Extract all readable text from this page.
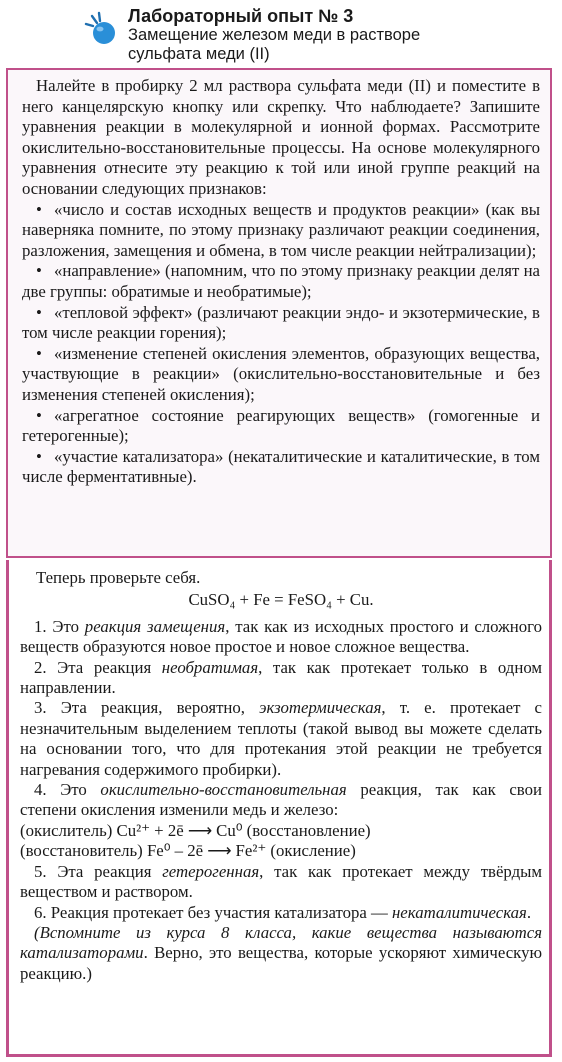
Лабораторный опыт № 3
Замещение железом меди в растворе
сульфата меди (II)

Налейте в пробирку 2 мл раствора сульфата меди (II) и поместите в него канцелярскую кнопку или скрепку. Что наблюдаете? Запишите уравнения реакции в молекулярной и ионной формах. Рассмотрите окислительно-восстановительные процессы. На основе молекулярного уравнения отнесите эту реакцию к той или иной группе реакций на основании следующих признаков:

• «число и состав исходных веществ и продуктов реакции» (как вы наверняка помните, по этому признаку различают реакции соединения, разложения, замещения и обмена, в том числе реакции нейтрализации);

• «направление» (напомним, что по этому признаку реакции делят на две группы: обратимые и необратимые);

• «тепловой эффект» (различают реакции эндо- и экзотермические, в том числе реакции горения);

• «изменение степеней окисления элементов, образующих вещества, участвующие в реакции» (окислительно-восстановительные и без изменения степеней окисления);

• «агрегатное состояние реагирующих веществ» (гомогенные и гетерогенные);

• «участие катализатора» (некаталитические и каталитические, в том числе ферментативные).

Теперь проверьте себя.

CuSO₄ + Fe = FeSO₄ + Cu.

1. Это реакция замещения, так как из исходных простого и сложного веществ образуются новое простое и новое сложное вещества.

2. Эта реакция необратимая, так как протекает только в одном направлении.

3. Эта реакция, вероятно, экзотермическая, т. е. протекает с незначительным выделением теплоты (такой вывод вы можете сделать на основании того, что для протекания этой реакции не требуется нагревания содержимого пробирки).

4. Это окислительно-восстановительная реакция, так как свои степени окисления изменили медь и железо:

(окислитель) Cu²⁺ + 2ē ⟶ Cu⁰ (восстановление)

(восстановитель) Fe⁰ – 2ē ⟶ Fe²⁺ (окисление)

5. Эта реакция гетерогенная, так как протекает между твёрдым веществом и раствором.

6. Реакция протекает без участия катализатора — некаталитическая.

(Вспомните из курса 8 класса, какие вещества называются катализаторами. Верно, это вещества, которые ускоряют химическую реакцию.)
